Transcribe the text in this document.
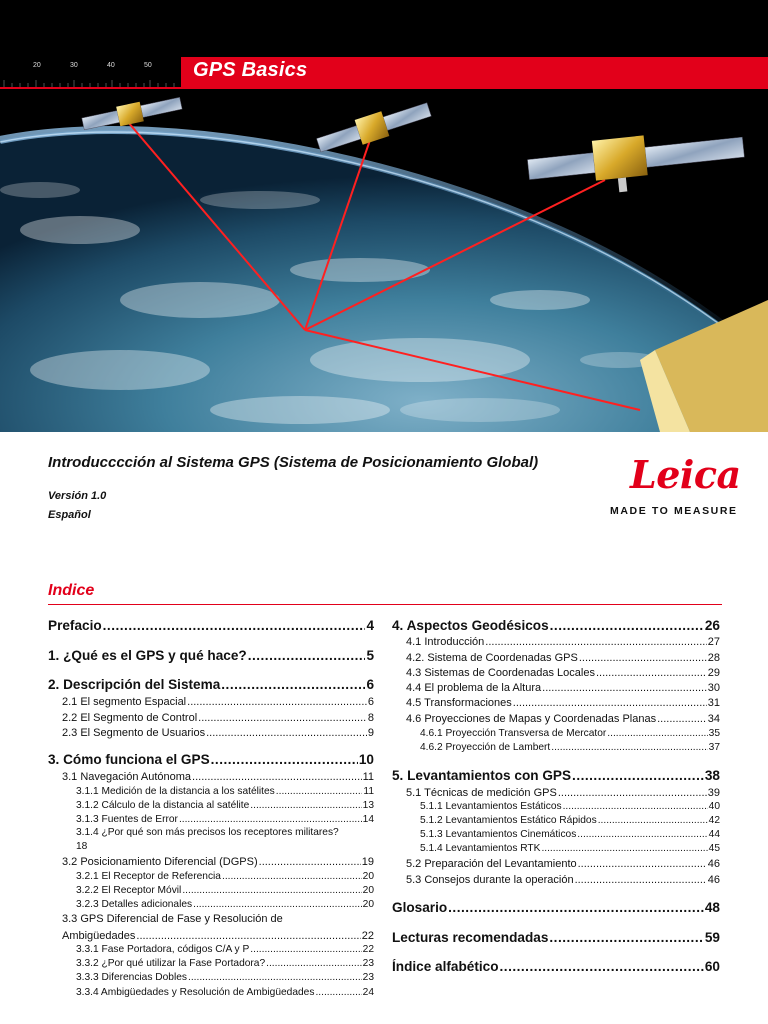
20	30	40	50 GPS Basics
Introducccción al Sistema GPS (Sistema de Posicionamiento Global)
Versión 1.0
Español
Leica
MADE TO MEASURE
Indice
Prefacio .....	4
1. ¿Qué es el GPS y qué hace? .....	5
2. Descripción del Sistema .....	6
2.1 El segmento Espacial .....	6
2.2 El Segmento de Control .....	8
2.3 El Segmento de Usuarios .....	9
3. Cómo funciona el GPS .....	10
3.1 Navegación Autónoma .....	11
3.1.1 Medición de la distancia a los satélites .....	11
3.1.2 Cálculo de la distancia al satélite .....	13
3.1.3 Fuentes de Error .....	14
3.1.4 ¿Por qué son más precisos los receptores militares?
18
3.2 Posicionamiento Diferencial (DGPS) .....	19
3.2.1 El Receptor de Referencia .....	20
3.2.2 El Receptor Móvil .....	20
3.2.3 Detalles adicionales .....	20
3.3 GPS Diferencial de Fase y Resolución de
Ambigüedades .....	22
3.3.1 Fase Portadora, códigos C/A y P .....	22
3.3.2 ¿Por qué utilizar la Fase Portadora? .....	23
3.3.3 Diferencias Dobles .....	23
3.3.4 Ambigüedades y Resolución de Ambigüedades .....	24
4. Aspectos Geodésicos .....	26
4.1 Introducción .....	27
4.2. Sistema de Coordenadas GPS .....	28
4.3 Sistemas de Coordenadas Locales .....	29
4.4 El problema de la Altura .....	30
4.5 Transformaciones .....	31
4.6 Proyecciones de Mapas y Coordenadas Planas .....	34
4.6.1 Proyección Transversa de Mercator .....	35
4.6.2 Proyección de Lambert .....	37
5. Levantamientos con GPS .....	38
5.1 Técnicas de medición GPS .....	39
5.1.1 Levantamientos Estáticos .....	40
5.1.2 Levantamientos Estático Rápidos .....	42
5.1.3 Levantamientos Cinemáticos .....	44
5.1.4 Levantamientos RTK .....	45
5.2 Preparación del Levantamiento .....	46
5.3 Consejos durante la operación .....	46
Glosario .....	48
Lecturas recomendadas .....	59
Índice alfabético .....	60
